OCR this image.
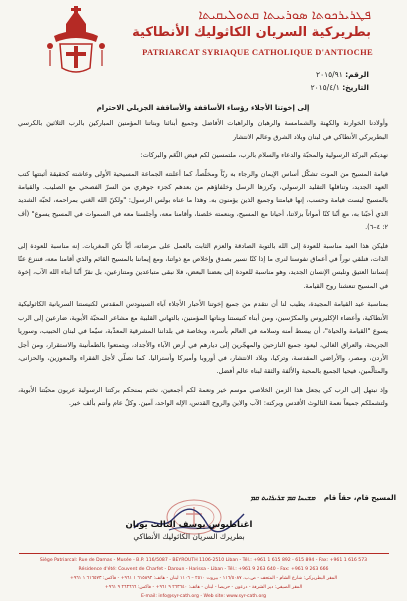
ܦܛܪܝܪܟܘܬܐ ܣܘܪܝܝܬܐ ܩܬܘܠܝܩܝܬܐ
بطريركية السريان الكاثوليك الأنطاكية
PATRIARCAT SYRIAQUE CATHOLIQUE D'ANTIOCHE
الرقم: ٢٠١٥/٩١
التاريخ: ٢٠١٥/٤/١

إلى إخوتنا الأجلاء رؤساء الأساقفة والأساقفة الجزيلي الاحترام

وأولادنا الخوارنة والكهنة والشمامسة والرهبان والراهبات الأفاضل وجميع أبنائنا وبناتنا المؤمنين المباركين بالرب الثلاثين بالكرسي البطريركي الأنطاكي في لبنان وبلاد الشرق وعالم الانتشار

نهديكم البركة الرسولية والمحبّة والدعاء والسلام بالرب، ملتمسين لكم فيض النِّعَم والبركات:

قيامة المسيح من الموت تشكّل أساس الإيمان والرجاء به ربّاً ومخلّصاً، كما أعلنته الجماعة المسيحية الأولى وعاشته كحقيقة أثبتتها كتب العهد الجديد، وتناقلها التقليد الرسولي، وكرزها الرسل وخلفاؤهم من بعدهم كجزء جوهري من السرّ الفصحي مع الصليب. والقيامة بالمسيح ليست قيامة وحسب، إنها قيامتنا وجميع الذين يؤمنون به. وهذا ما عناه بولس الرسول: "ولكنّ الله الغني بمراحمه، لحبّه الشديد الذي أحبّنا به، مع أنّنا كنّا أمواتاً بزلاتنا، أحيانا مع المسيح، وبنعمته خلصنا، وأقامنا معه، وأجلسنا معه في السموات في المسيح يسوع" (أف ٢: ٤–٦).

فليكن هذا العيد مناسبة للعودة إلى الله بالتوبة الصادقة والعزم الثابت بالعمل على مرضاته، أيّاً تكن المغريات. إنه مناسبة للعودة إلى الذات، فنلقي نوراً في أعماق نفوسنا لنرى ما إذا كنّا نسير بصدق وإخلاص مع ذواتنا، ومع إيماننا بالمسيح القائم والذي أقامنا معه، فننزع عنّا إنساننا العتيق ونلبس الإنسان الجديد، وهو مناسبة للعودة إلى بعضنا البعض، فلا نبقى متباعدين ومتنازعين، بل نقرّ أنّنا أبناء الله الآب، إخوة في المسيح تنعشنا روح القيامة.

بمناسبة عيد القيامة المجيدة، يطيب لنا أن نتقدم من جميع إخوتنا الأحبار الأجلاء آباء السينودس المقدس لكنيستنا السريانية الكاثوليكية الأنطاكية، وأعضاء الإكليروس والمكرّسين، ومن أبناء كنيستنا وبناتها المؤمنين، بالتهاني القلبية مع مشاعر المحبّة الأبوية، ضارعين إلى الرب يسوع "القيامة والحياة"، أن يبسط أمنه وسلامه في العالم بأسره، وبخاصة في بلداننا المشرقية المعذّبة، سيّما في لبنان الحبيب، وسوريا الجريحة، والعراق الغالي، ليعود جميع النازحين والمهجّرين إلى ديارهم في أرض الآباء والأجداد، ويتمتعوا بالطمأنينة والاستقرار، ومن أجل الأردن، ومصر، والأراضي المقدسة، وتركيا، وبلاد الانتشار، في أوروبا وأميركا وأستراليا. كما نصلّي لأجل الفقراء والمعوزين، والحزانى، والمتألّمين، فيحيا الجميع بالمحبة والألفة والثقة لبناء عالم أفضل.

وإذ نبتهل إلى الرب كي يجعل هذا الزمن الخلاصي موسم خير ونعمة لكم أجمعين، نختم بمنحكم بركتنا الرسولية عربون محبّتنا الأبوية، ولتشملكم جميعاً نعمة الثالوث الأقدس وبركته: الآب والابن والروح القدس، الإله الواحد، آمين. وكلّ عام وأنتم بألف خير.

المسيح قام، حقاً قام ܡܫܝܚܐ ܩܡ ܫܪܝܪܐܝܬ ܩܡ
اغناطيوس يوسف الثالث يونان
بطريرك السريان الكاثوليك الأنطاكي
Siège Patriarcal: Rue de Damas - Musée - B.P. 116/5087 - BEYROUTH 1106-2510 Liban - Tél.: +961 1 615 892 - 615 894 - Fax: +961 1 616 573
Résidence d'été: Couvent de Charfet - Daroun - Harissa - Liban - Tél.: +961 9 263 640 - Fax: +961 9 263 666
المقر البطريركي: شارع الشام - المتحف - ص.ب. ١١٦/٥٠٨٧ - بيروت ٢٥١٠ – ١١٠٦ لبنان - هاتف: ٦١٥٨٩٢ ١ ٩٦١+ - فاكس: ٦١٦٥٧٣ ١ ٩٦١+
المقر الصيفي: دير الشرفة - درعون - حريصا - لبنان - هاتف: ٢٦٣٦٤٠ ٩ ٩٦١+ - فاكس: ٢٦٣٦٦٦ ٩ ٩٦١+
E-mail: info@syr-cath.org - Web site: www.syr-cath.org
